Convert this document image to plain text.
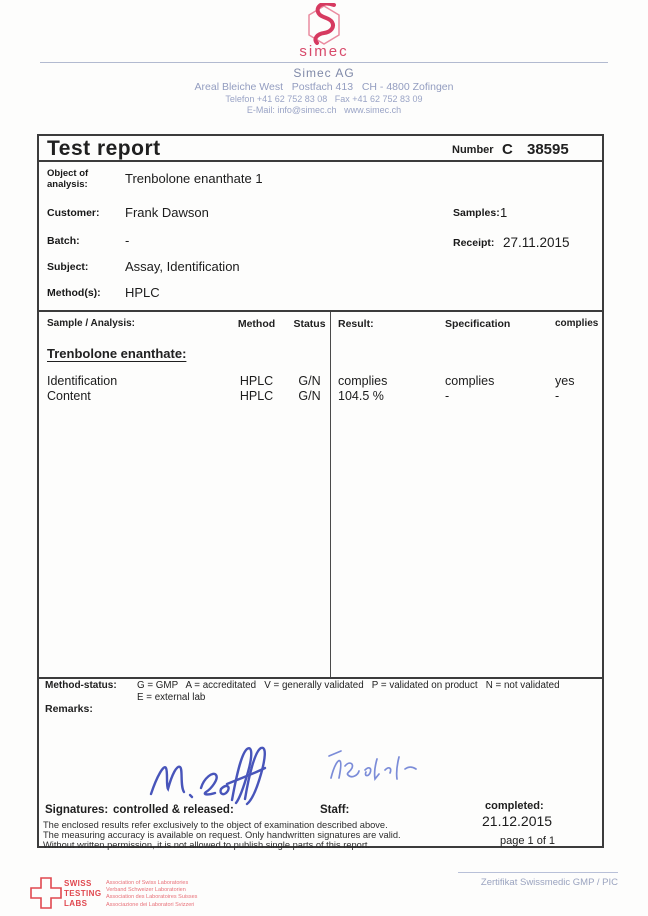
simec
Simec AG
Areal Bleiche West   Postfach 413   CH - 4800 Zofingen
Telefon +41 62 752 83 08   Fax +41 62 752 83 09
E-Mail: info@simec.ch   www.simec.ch
Test report	Number C 38595
Object of
analysis:	Trenbolone enanthate 1
Customer: Frank Dawson	Samples: 1
Batch:	-	Receipt: 27.11.2015
Subject:	Assay, Identification
Method(s): HPLC
Sample / Analysis:	Method	Status	Result:	Specification	complies
Trenbolone enanthate:
Identification	HPLC	G/N	complies	complies	yes
Content	HPLC	G/N	104.5 %	-	-
Method-status: G = GMP   A = accreditated   V = generally validated   P = validated on product   N = not validated
E = external lab
Remarks:
Signatures: controlled & released:	Staff:	completed:
21.12.2015
page 1 of 1
The enclosed results refer exclusively to the object of examination described above.
The measuring accuracy is available on request. Only handwritten signatures are valid.
Without written permission, it is not allowed to publish single parts of this report.
SWISS
TESTING
LABS
Association of Swiss Laboratories
Verband Schweizer Laboratorien
Association des Laboratoires Suisses
Associazione dei Laboratori Svizzeri
Zertifikat Swissmedic GMP / PIC
